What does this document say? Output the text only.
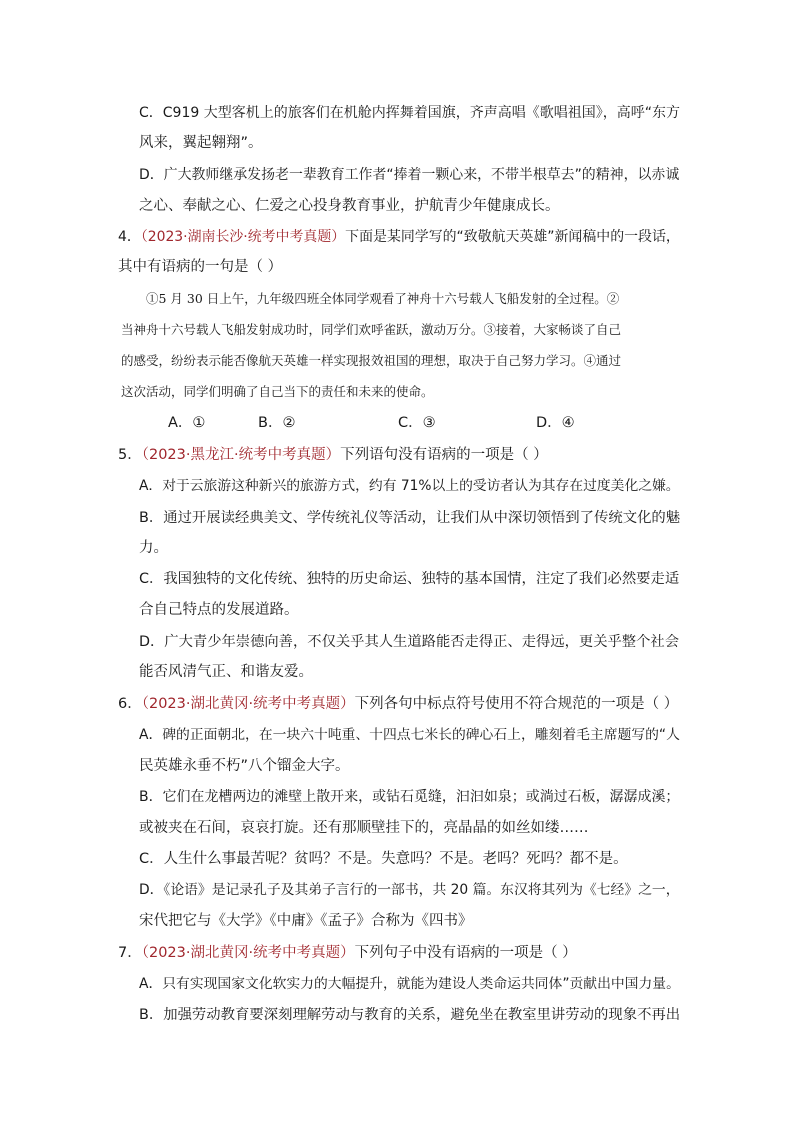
C．C919 大型客机上的旅客们在机舱内挥舞着国旗，齐声高唱《歌唱祖国》，高呼“东方
风来，翼起翱翔”。
D．广大教师继承发扬老一辈教育工作者“捧着一颗心来，不带半根草去”的精神，以赤诚
之心、奉献之心、仁爱之心投身教育事业，护航青少年健康成长。
4．（2023·湖南长沙·统考中考真题）下面是某同学写的“致敬航天英雄”新闻稿中的一段话，
其中有语病的一句是（ ）
①5 月 30 日上午，九年级四班全体同学观看了神舟十六号载人飞船发射的全过程。②
当神舟十六号载人飞船发射成功时，同学们欢呼雀跃，激动万分。③接着，大家畅谈了自己
的感受，纷纷表示能否像航天英雄一样实现报效祖国的理想，取决于自己努力学习。④通过
这次活动，同学们明确了自己当下的责任和未来的使命。
A．①	B．②	C．③	D．④
5．（2023·黑龙江·统考中考真题）下列语句没有语病的一项是（ ）
A．对于云旅游这种新兴的旅游方式，约有 71%以上的受访者认为其存在过度美化之嫌。
B．通过开展读经典美文、学传统礼仪等活动，让我们从中深切领悟到了传统文化的魅
力。
C．我国独特的文化传统、独特的历史命运、独特的基本国情，注定了我们必然要走适
合自己特点的发展道路。
D．广大青少年崇德向善，不仅关乎其人生道路能否走得正、走得远，更关乎整个社会
能否风清气正、和谐友爱。
6．（2023·湖北黄冈·统考中考真题）下列各句中标点符号使用不符合规范的一项是（ ）
A．碑的正面朝北，在一块六十吨重、十四点七米长的碑心石上，雕刻着毛主席题写的“人
民英雄永垂不朽”八个镏金大字。
B．它们在龙槽两边的滩壁上散开来，或钻石觅缝，汩汩如泉；或淌过石板，潺潺成溪；
或被夹在石间，哀哀打旋。还有那顺壁挂下的，亮晶晶的如丝如缕……
C．人生什么事最苦呢？贫吗？不是。失意吗？不是。老吗？死吗？都不是。
D．《论语》是记录孔子及其弟子言行的一部书，共 20 篇。东汉将其列为《七经》之一，
宋代把它与《大学》《中庸》《孟子》合称为《四书》
7．（2023·湖北黄冈·统考中考真题）下列句子中没有语病的一项是（ ）
A．只有实现国家文化软实力的大幅提升，就能为建设人类命运共同体”贡献出中国力量。
B．加强劳动教育要深刻理解劳动与教育的关系，避免坐在教室里讲劳动的现象不再出
